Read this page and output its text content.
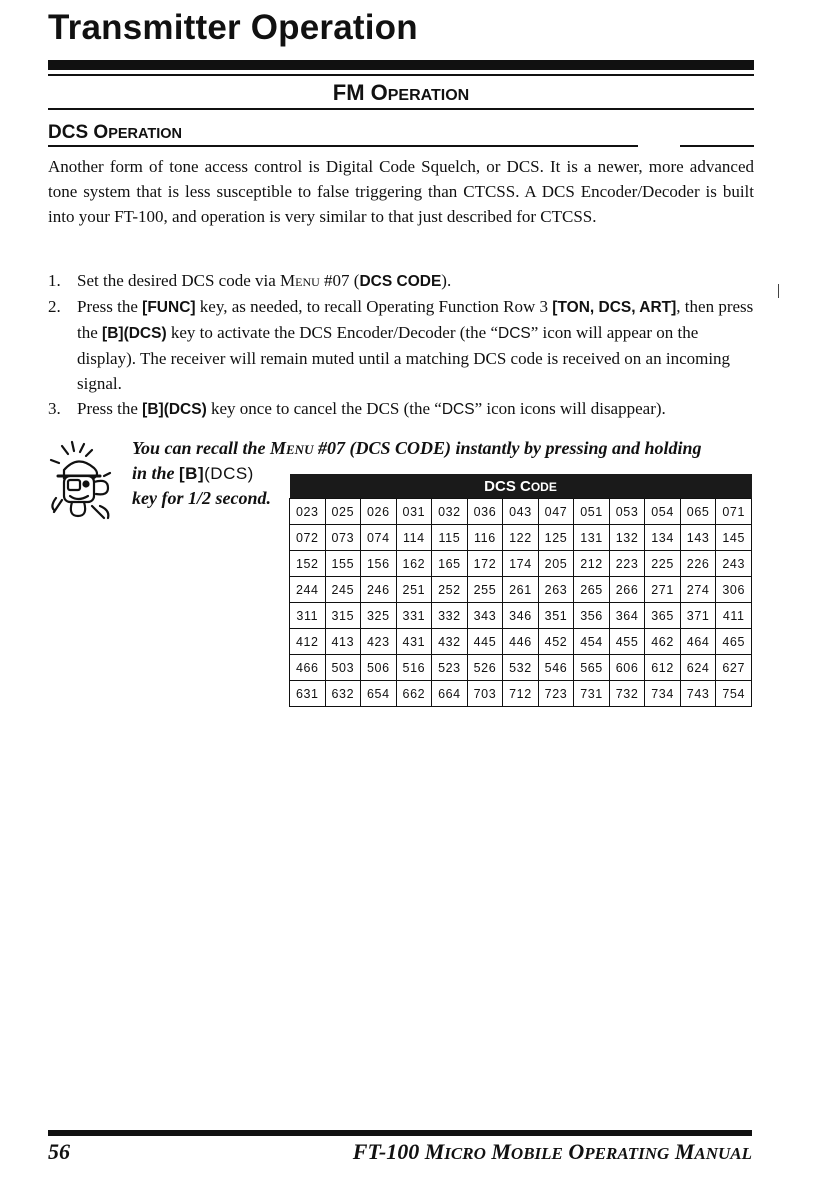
Transmitter Operation
FM OPERATION
DCS OPERATION

Another form of tone access control is Digital Code Squelch, or DCS. It is a newer, more advanced tone system that is less susceptible to false triggering than CTCSS. A DCS Encoder/Decoder is built into your FT-100, and operation is very similar to that just described for CTCSS.

1. Set the desired DCS code via Menu #07 (DCS CODE).
2. Press the [FUNC] key, as needed, to recall Operating Function Row 3 [TON, DCS, ART], then press the [B](DCS) key to activate the DCS Encoder/Decoder (the “DCS” icon will appear on the display). The receiver will remain muted until a matching DCS code is received on an incoming signal.
3. Press the [B](DCS) key once to cancel the DCS (the “DCS” icon icons will disappear).
You can recall the Menu #07 (DCS CODE) instantly by pressing and holding
in the [B](DCS)
key for 1/2 second.
DCS CODE												
023	025	026	031	032	036	043	047	051	053	054	065	071
072	073	074	114	115	116	122	125	131	132	134	143	145
152	155	156	162	165	172	174	205	212	223	225	226	243
244	245	246	251	252	255	261	263	265	266	271	274	306
311	315	325	331	332	343	346	351	356	364	365	371	411
412	413	423	431	432	445	446	452	454	455	462	464	465
466	503	506	516	523	526	532	546	565	606	612	624	627
631	632	654	662	664	703	712	723	731	732	734	743	754

56	FT-100 MICRO MOBILE OPERATING MANUAL
